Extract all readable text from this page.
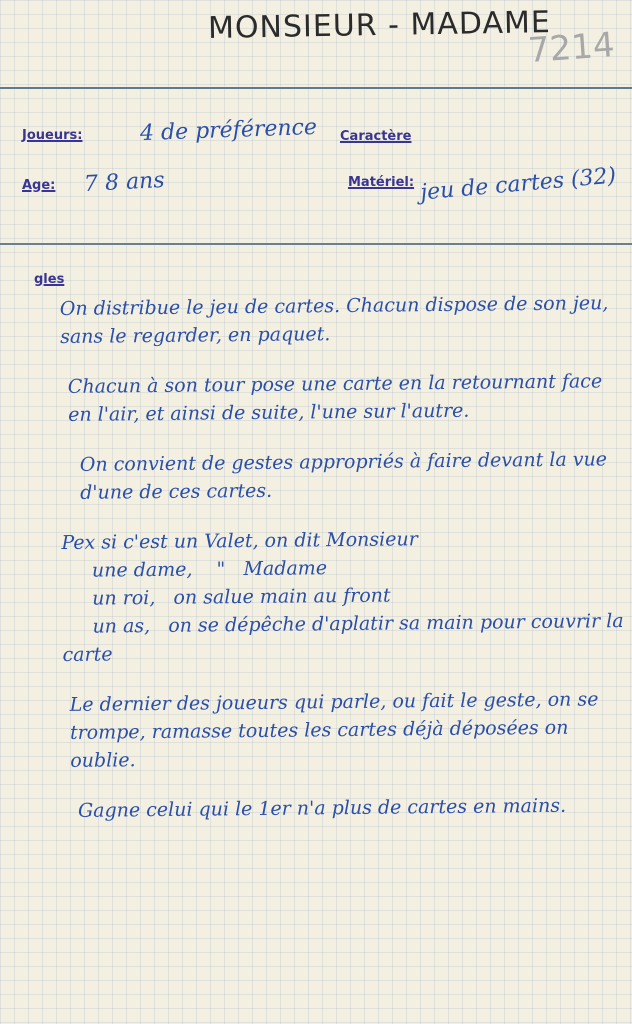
MONSIEUR - MADAME
7214
Joueurs:	4 de préférence Caractère
Age: 7 8 ans	Matériel: jeu de cartes (32)
gles

On distribue le jeu de cartes. Chacun dispose de son jeu, sans le regarder, en paquet.

Chacun à son tour pose une carte en la retournant face en l'air, et ainsi de suite, l'une sur l'autre.

On convient de gestes appropriés à faire devant la vue d'une de ces cartes.

Pex si c'est un Valet, on dit Monsieur
une dame,    "   Madame
un roi,   on salue main au front
un as,   on se dépêche d'aplatir sa main pour couvrir la carte

Le dernier des joueurs qui parle, ou fait le geste, on se trompe, ramasse toutes les cartes déjà déposées on oublie.

Gagne celui qui le 1er n'a plus de cartes en mains.
